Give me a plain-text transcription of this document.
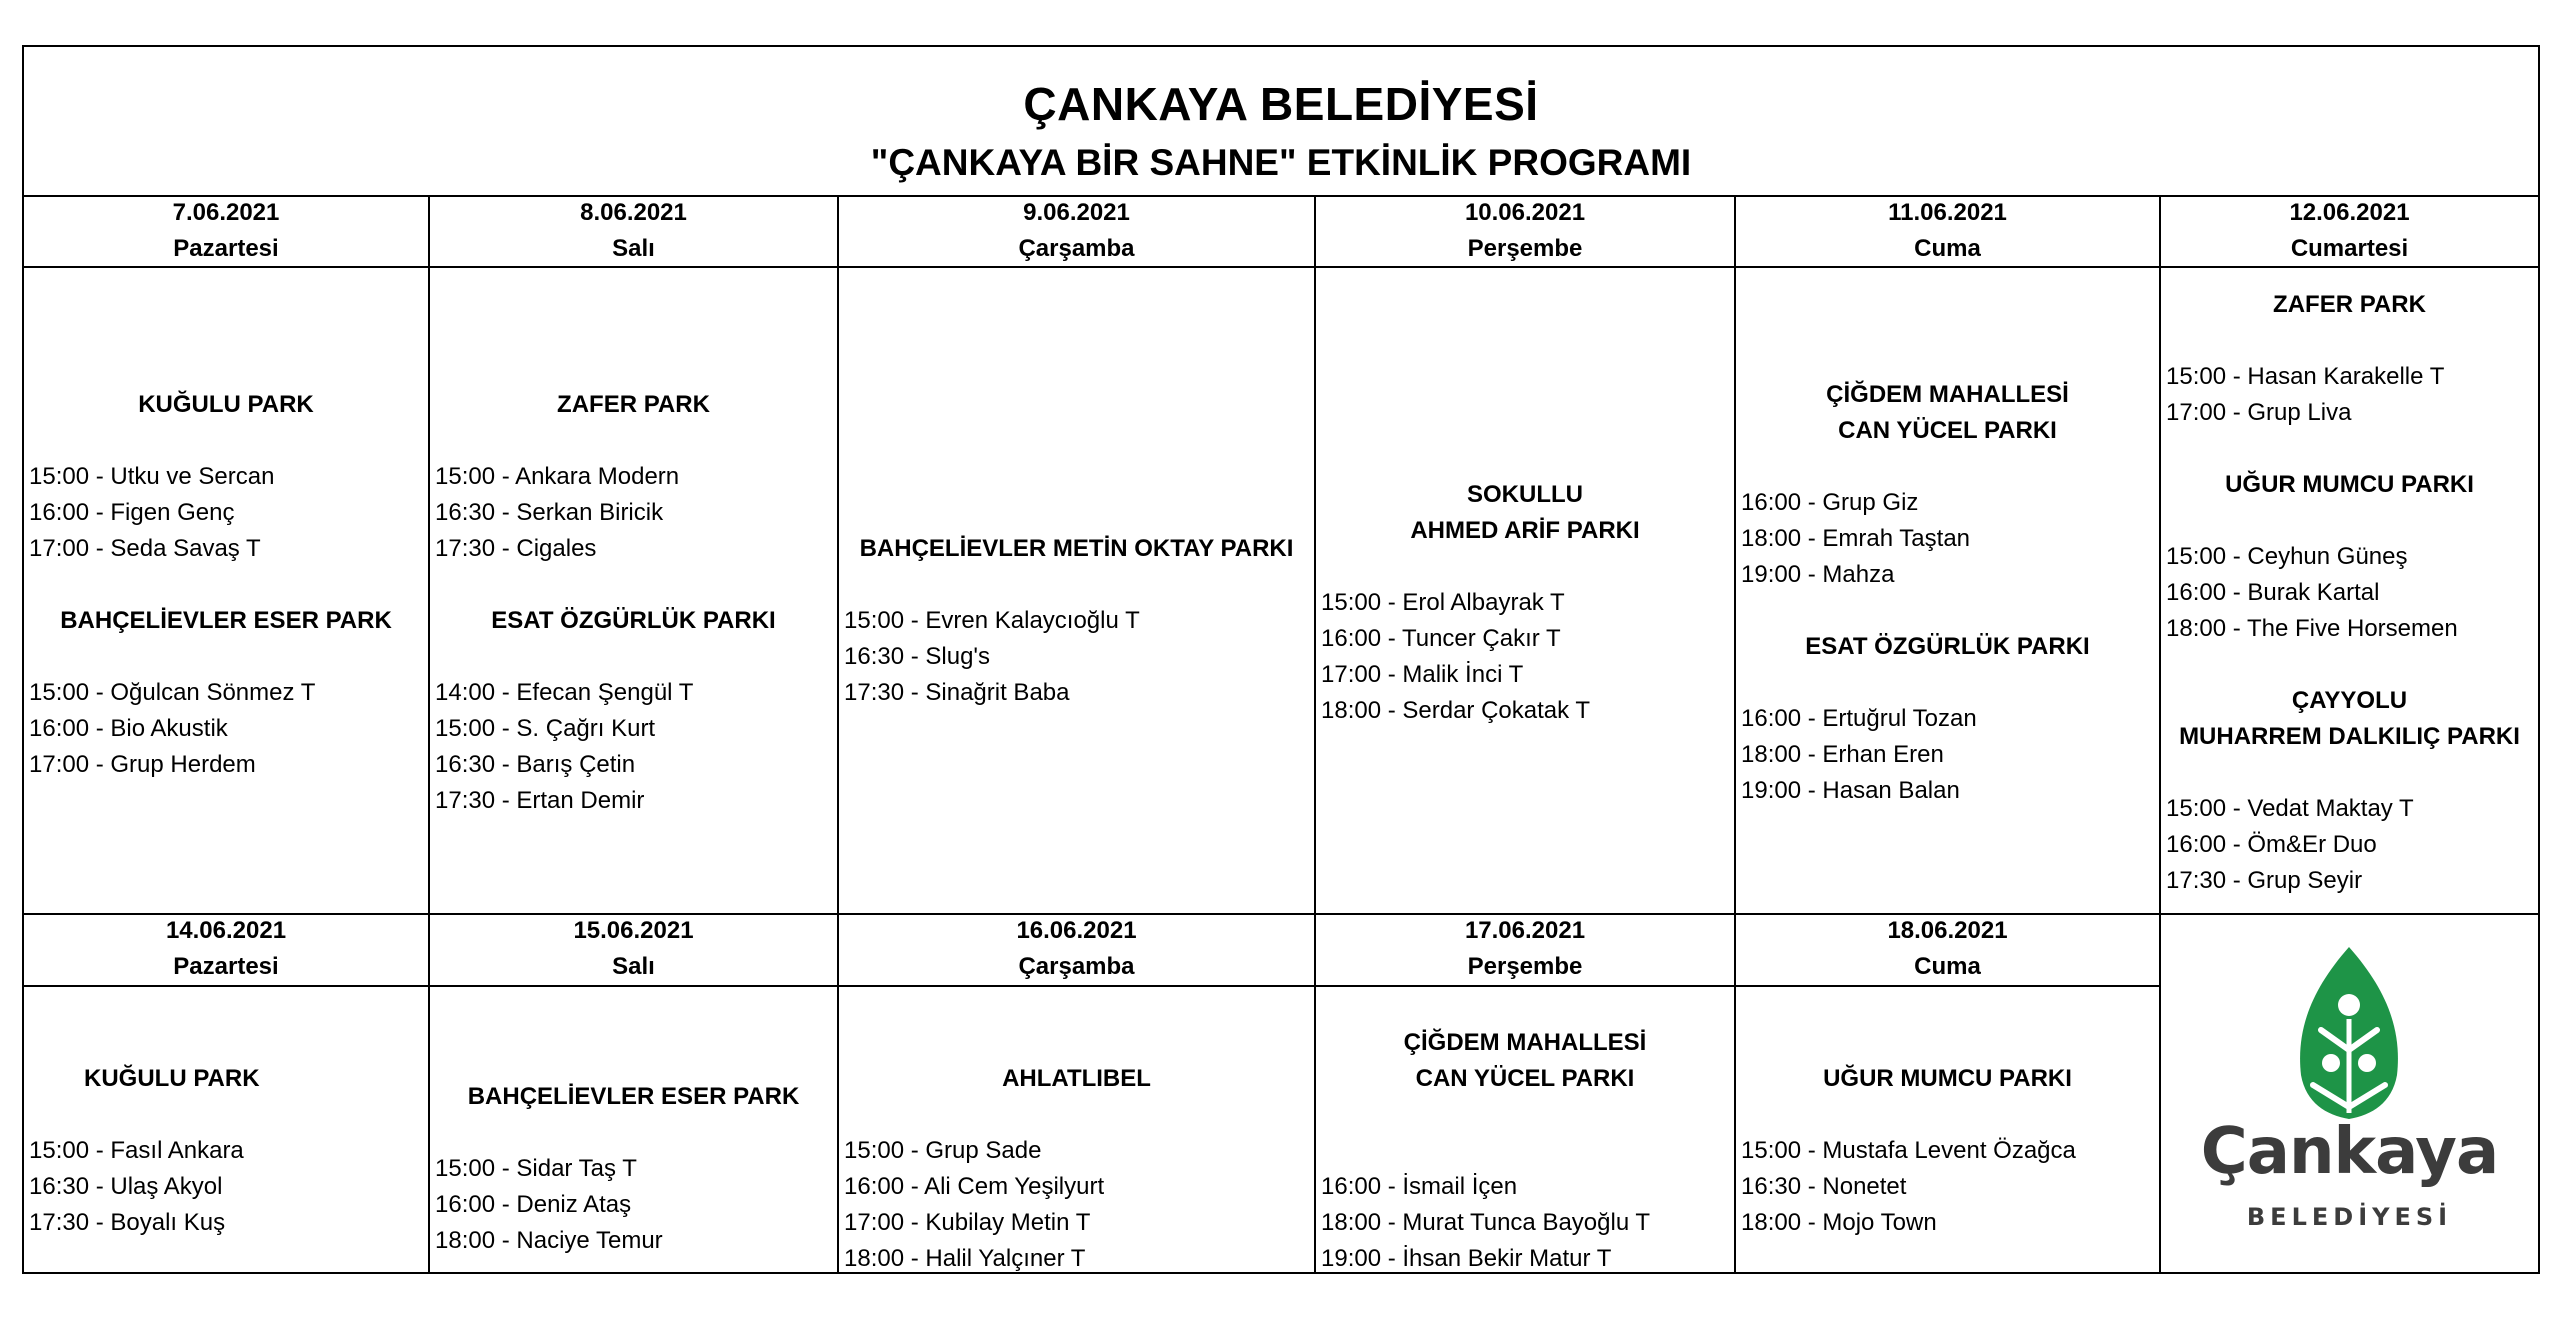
ÇANKAYA BELEDİYESİ
"ÇANKAYA BİR SAHNE" ETKİNLİK PROGRAMI
7.06.2021
Pazartesi
8.06.2021
Salı
9.06.2021
Çarşamba
10.06.2021
Perşembe
11.06.2021
Cuma
12.06.2021
Cumartesi
KUĞULU PARK
15:00 - Utku ve Sercan
16:00 - Figen Genç
17:00 - Seda Savaş T
BAHÇELİEVLER ESER PARK
15:00 - Oğulcan Sönmez T
16:00 - Bio Akustik
17:00 - Grup Herdem
ZAFER PARK
15:00 - Ankara Modern
16:30 - Serkan Biricik
17:30 - Cigales
ESAT ÖZGÜRLÜK PARKI
14:00 - Efecan Şengül T
15:00 - S. Çağrı Kurt
16:30 - Barış Çetin
17:30 - Ertan Demir
BAHÇELİEVLER METİN OKTAY PARKI
15:00 - Evren Kalaycıoğlu T
16:30 - Slug's
17:30 - Sinağrit Baba
SOKULLU
AHMED ARİF PARKI
15:00 - Erol Albayrak T
16:00 - Tuncer Çakır T
17:00 - Malik İnci T
18:00 - Serdar Çokatak T
ÇİĞDEM MAHALLESİ
CAN YÜCEL PARKI
16:00 - Grup Giz
18:00 - Emrah Taştan
19:00 - Mahza
ESAT ÖZGÜRLÜK PARKI
16:00 - Ertuğrul Tozan
18:00 - Erhan Eren
19:00 - Hasan Balan
ZAFER PARK
15:00 - Hasan Karakelle T
17:00 - Grup Liva
UĞUR MUMCU PARKI
15:00 - Ceyhun Güneş
16:00 - Burak Kartal
18:00 - The Five Horsemen
ÇAYYOLU
MUHARREM DALKILIÇ PARKI
15:00 - Vedat Maktay T
16:00 - Öm&Er Duo
17:30 - Grup Seyir
14.06.2021
Pazartesi
15.06.2021
Salı
16.06.2021
Çarşamba
17.06.2021
Perşembe
18.06.2021
Cuma
KUĞULU PARK
15:00 - Fasıl Ankara
16:30 - Ulaş Akyol
17:30 - Boyalı Kuş
BAHÇELİEVLER ESER PARK
15:00 - Sidar Taş T
16:00 - Deniz Ataş
18:00 - Naciye Temur
AHLATLIBEL
15:00 - Grup Sade
16:00 - Ali Cem Yeşilyurt
17:00 - Kubilay Metin T
18:00 - Halil Yalçıner T
ÇİĞDEM MAHALLESİ
CAN YÜCEL PARKI
16:00 - İsmail İçen
18:00 - Murat Tunca Bayoğlu T
19:00 - İhsan Bekir Matur T
UĞUR MUMCU PARKI
15:00 - Mustafa Levent Özağca
16:30 - Nonetet
18:00 - Mojo Town
Çankaya
BELEDİYESİ
